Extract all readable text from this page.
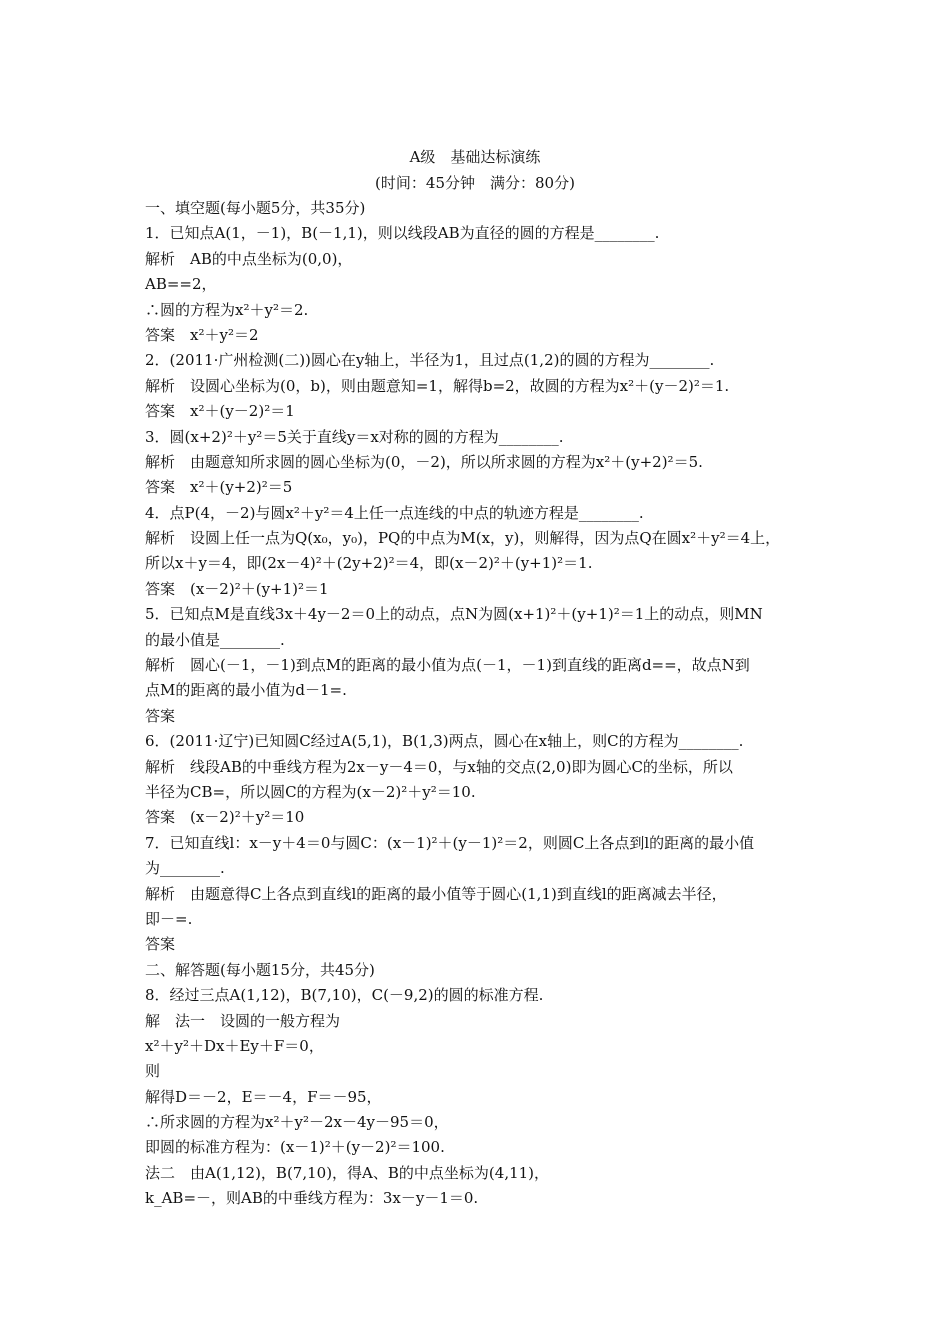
A级　基础达标演练
(时间：45分钟　满分：80分)
一、填空题(每小题5分，共35分)
1．已知点A(1，－1)，B(－1,1)，则以线段AB为直径的圆的方程是________.
解析　AB的中点坐标为(0,0)，
AB==2，
∴圆的方程为x²＋y²＝2.
答案　x²＋y²＝2
2．(2011·广州检测(二))圆心在y轴上，半径为1，且过点(1,2)的圆的方程为________.
解析　设圆心坐标为(0，b)，则由题意知=1，解得b=2，故圆的方程为x²＋(y－2)²＝1.
答案　x²＋(y－2)²＝1
3．圆(x+2)²＋y²＝5关于直线y＝x对称的圆的方程为________.
解析　由题意知所求圆的圆心坐标为(0，－2)，所以所求圆的方程为x²＋(y+2)²＝5.
答案　x²＋(y+2)²＝5
4．点P(4，－2)与圆x²＋y²＝4上任一点连线的中点的轨迹方程是________.
解析　设圆上任一点为Q(x₀，y₀)，PQ的中点为M(x，y)，则解得，因为点Q在圆x²＋y²＝4上，
所以x＋y＝4，即(2x－4)²＋(2y+2)²＝4，即(x－2)²＋(y+1)²＝1.
答案　(x－2)²＋(y+1)²＝1
5．已知点M是直线3x＋4y－2＝0上的动点，点N为圆(x+1)²＋(y+1)²＝1上的动点，则MN
的最小值是________.
解析　圆心(－1，－1)到点M的距离的最小值为点(－1，－1)到直线的距离d==，故点N到
点M的距离的最小值为d－1=.
答案
6．(2011·辽宁)已知圆C经过A(5,1)，B(1,3)两点，圆心在x轴上，则C的方程为________.
解析　线段AB的中垂线方程为2x－y－4＝0，与x轴的交点(2,0)即为圆心C的坐标，所以
半径为CB=，所以圆C的方程为(x－2)²＋y²＝10.
答案　(x－2)²＋y²＝10
7．已知直线l：x－y＋4＝0与圆C：(x－1)²＋(y－1)²＝2，则圆C上各点到l的距离的最小值
为________.
解析　由题意得C上各点到直线l的距离的最小值等于圆心(1,1)到直线l的距离减去半径，
即－=.
答案
二、解答题(每小题15分，共45分)
8．经过三点A(1,12)，B(7,10)，C(－9,2)的圆的标准方程.
解　法一　设圆的一般方程为
x²＋y²＋Dx＋Ey＋F＝0，
则
解得D＝－2，E＝－4，F＝－95，
∴所求圆的方程为x²＋y²－2x－4y－95＝0，
即圆的标准方程为：(x－1)²＋(y－2)²＝100.
法二　由A(1,12)，B(7,10)，得A、B的中点坐标为(4,11)，
k_AB=－，则AB的中垂线方程为：3x－y－1＝0.
